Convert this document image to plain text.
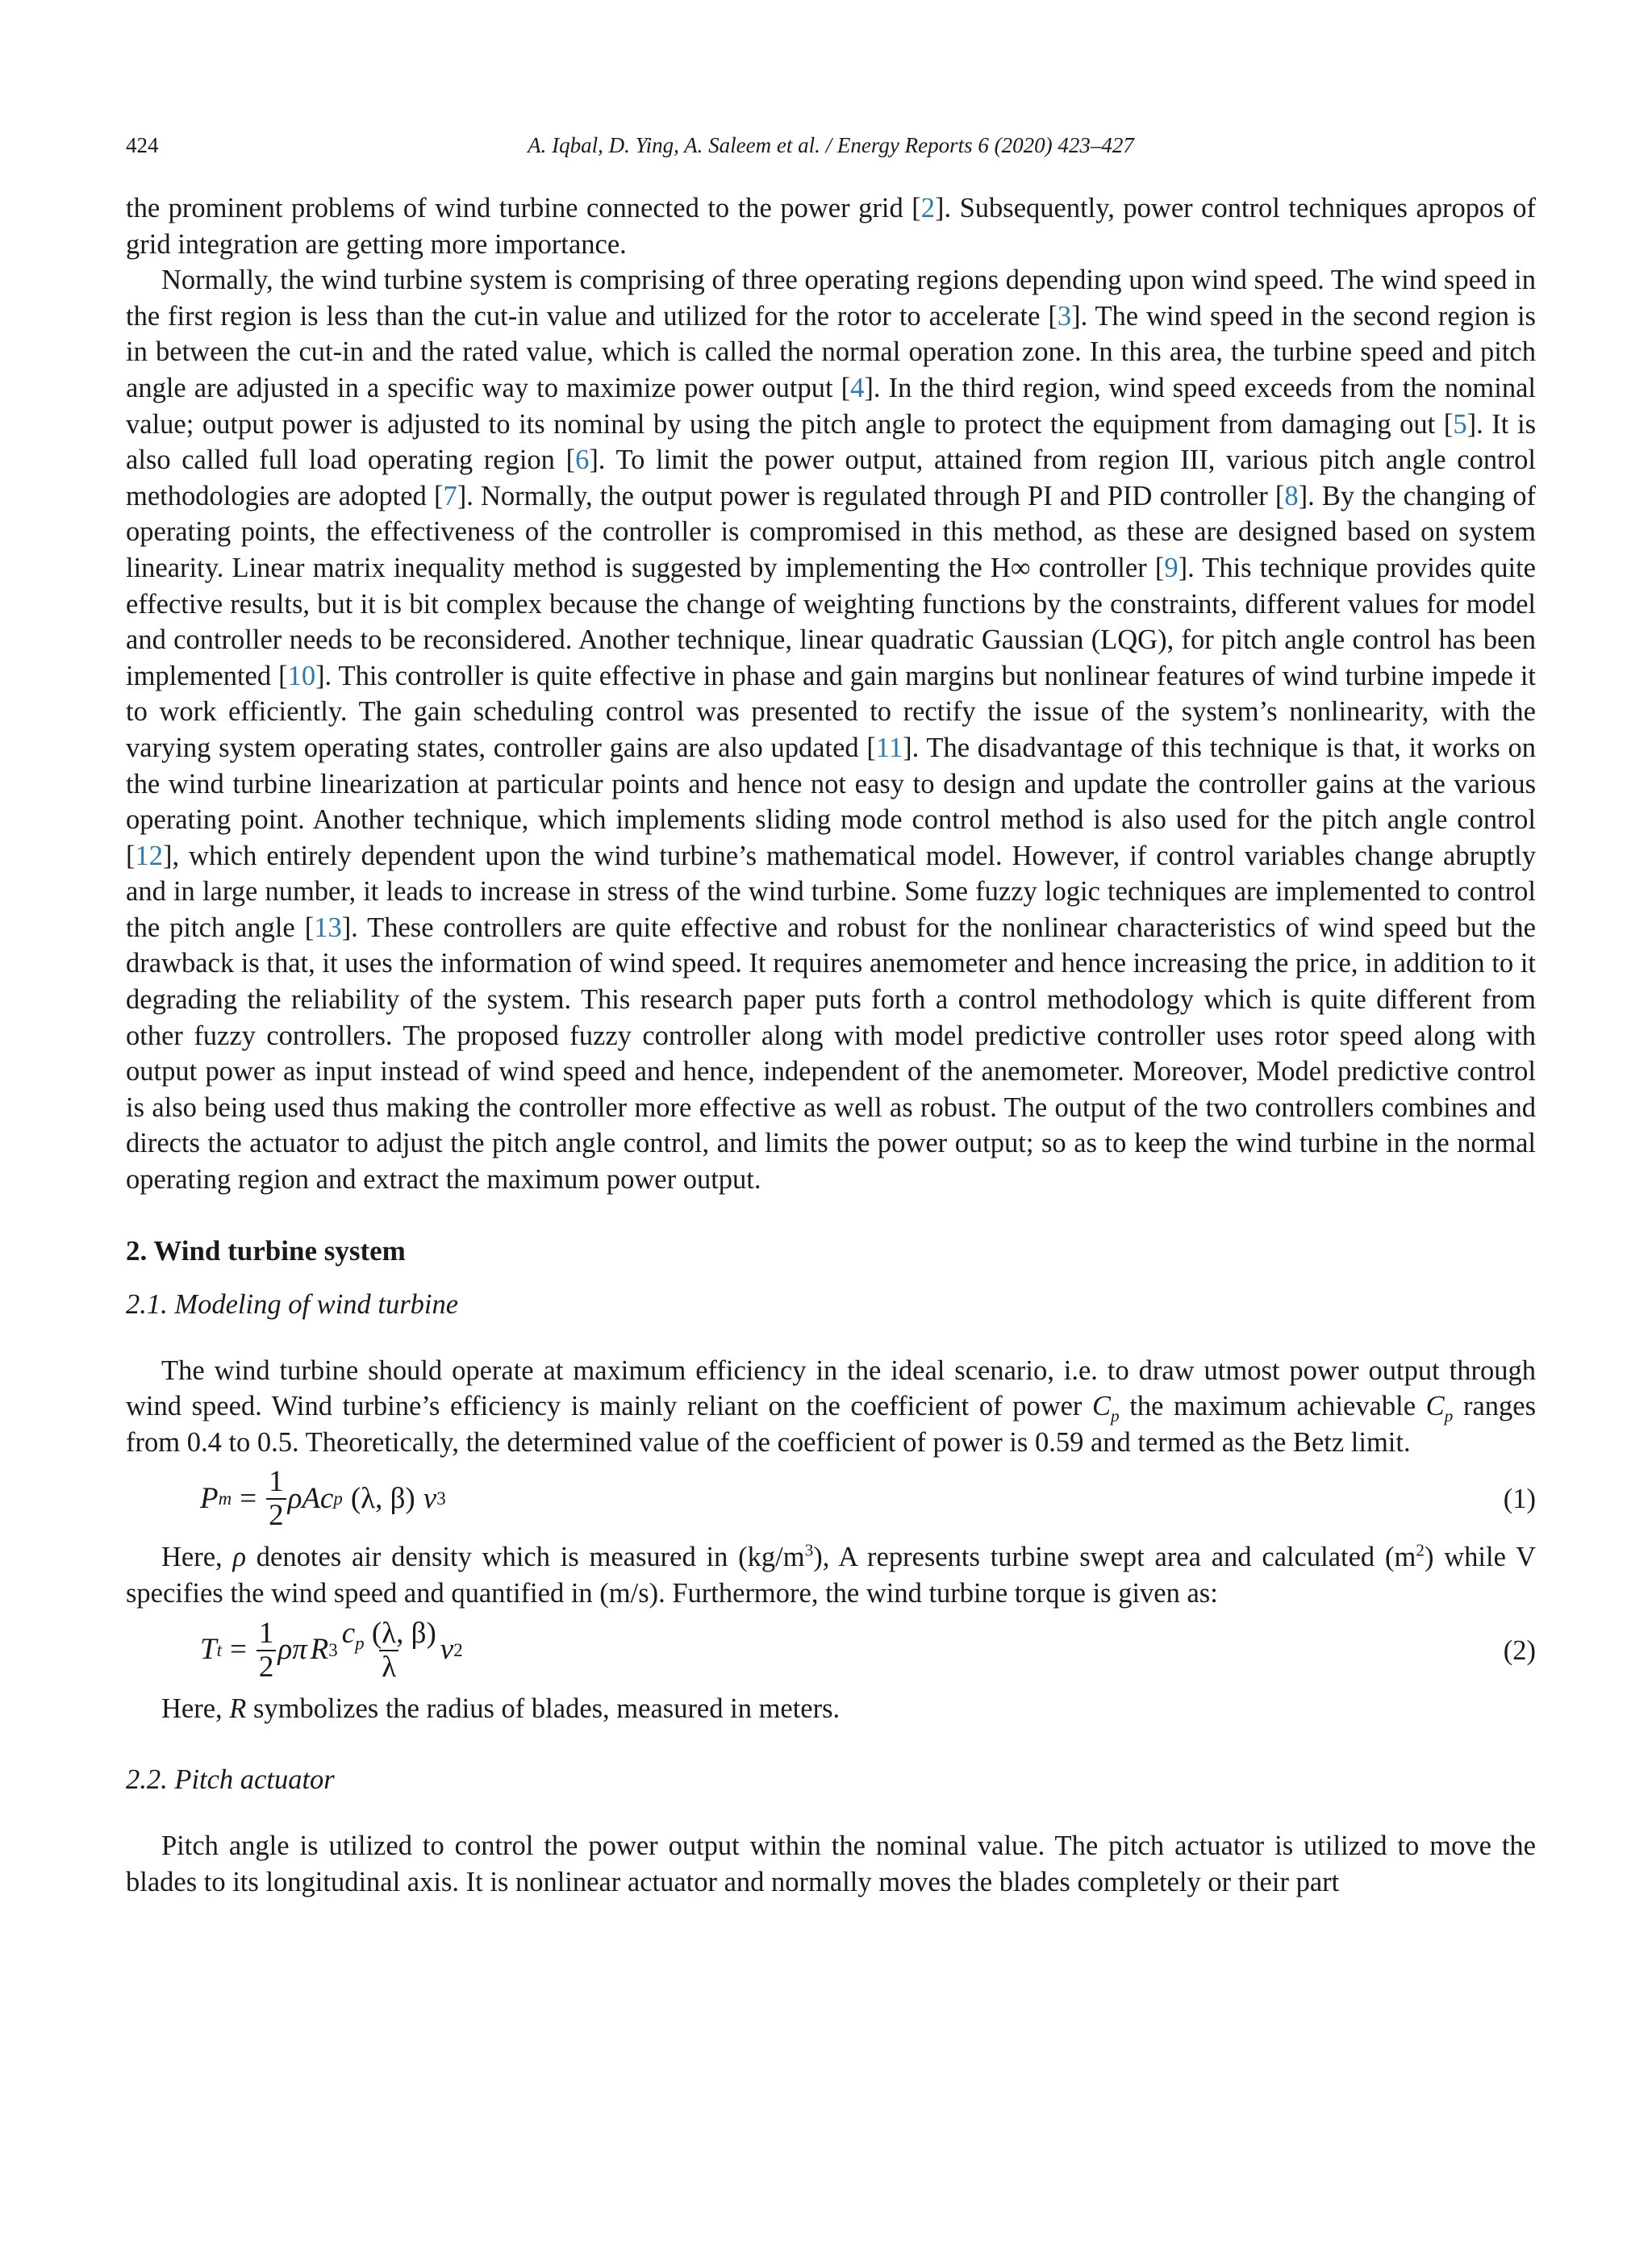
424	A. Iqbal, D. Ying, A. Saleem et al. / Energy Reports 6 (2020) 423–427

the prominent problems of wind turbine connected to the power grid [2]. Subsequently, power control techniques apropos of grid integration are getting more importance.

Normally, the wind turbine system is comprising of three operating regions depending upon wind speed. The wind speed in the first region is less than the cut-in value and utilized for the rotor to accelerate [3]. The wind speed in the second region is in between the cut-in and the rated value, which is called the normal operation zone. In this area, the turbine speed and pitch angle are adjusted in a specific way to maximize power output [4]. In the third region, wind speed exceeds from the nominal value; output power is adjusted to its nominal by using the pitch angle to protect the equipment from damaging out [5]. It is also called full load operating region [6]. To limit the power output, attained from region III, various pitch angle control methodologies are adopted [7]. Normally, the output power is regulated through PI and PID controller [8]. By the changing of operating points, the effectiveness of the controller is compromised in this method, as these are designed based on system linearity. Linear matrix inequality method is suggested by implementing the H∞ controller [9]. This technique provides quite effective results, but it is bit complex because the change of weighting functions by the constraints, different values for model and controller needs to be reconsidered. Another technique, linear quadratic Gaussian (LQG), for pitch angle control has been implemented [10]. This controller is quite effective in phase and gain margins but nonlinear features of wind turbine impede it to work efficiently. The gain scheduling control was presented to rectify the issue of the system’s nonlinearity, with the varying system operating states, controller gains are also updated [11]. The disadvantage of this technique is that, it works on the wind turbine linearization at particular points and hence not easy to design and update the controller gains at the various operating point. Another technique, which implements sliding mode control method is also used for the pitch angle control [12], which entirely dependent upon the wind turbine’s mathematical model. However, if control variables change abruptly and in large number, it leads to increase in stress of the wind turbine. Some fuzzy logic techniques are implemented to control the pitch angle [13]. These controllers are quite effective and robust for the nonlinear characteristics of wind speed but the drawback is that, it uses the information of wind speed. It requires anemometer and hence increasing the price, in addition to it degrading the reliability of the system. This research paper puts forth a control methodology which is quite different from other fuzzy controllers. The proposed fuzzy controller along with model predictive controller uses rotor speed along with output power as input instead of wind speed and hence, independent of the anemometer. Moreover, Model predictive control is also being used thus making the controller more effective as well as robust. The output of the two controllers combines and directs the actuator to adjust the pitch angle control, and limits the power output; so as to keep the wind turbine in the normal operating region and extract the maximum power output.

2. Wind turbine system
2.1. Modeling of wind turbine

The wind turbine should operate at maximum efficiency in the ideal scenario, i.e. to draw utmost power output through wind speed. Wind turbine’s efficiency is mainly reliant on the coefficient of power $C_p$ the maximum achievable $C_p$ ranges from 0.4 to 0.5. Theoretically, the determined value of the coefficient of power is 0.59 and termed as the Betz limit.

P $m = \frac{1}{2}$ ρAc p (λ, β) v 3	(1)

Here, ρ denotes air density which is measured in $(kg/m^3)$, A represents turbine swept area and calculated $(m^2)$ while V specifies the wind speed and quantified in (m/s). Furthermore, the wind turbine torque is given as:

T $t = \frac{1}{2}$ ρπ R $3 \frac{c_p (\lambda, \beta)}{\lambda}$ v 2	(2)

Here, R symbolizes the radius of blades, measured in meters.

2.2. Pitch actuator

Pitch angle is utilized to control the power output within the nominal value. The pitch actuator is utilized to move the blades to its longitudinal axis. It is nonlinear actuator and normally moves the blades completely or their part
